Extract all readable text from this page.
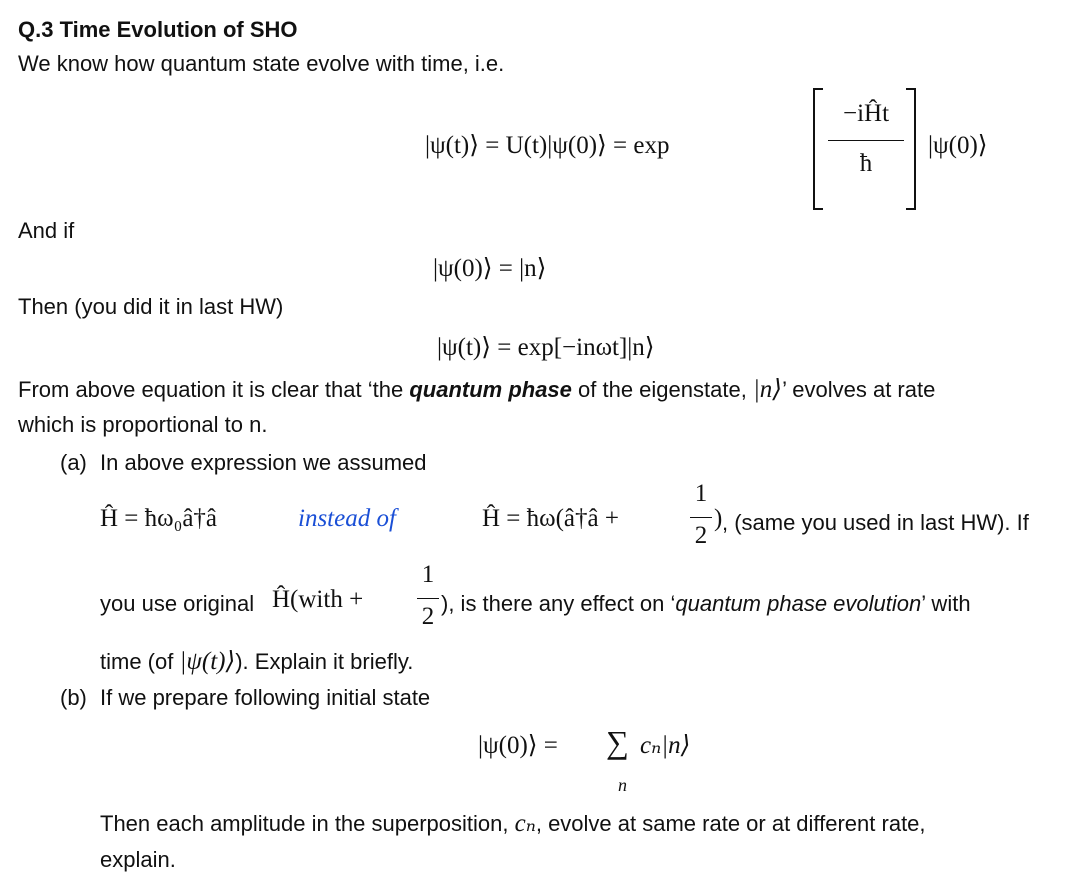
Q.3 Time Evolution of SHO
We know how quantum state evolve with time, i.e.
|ψ(t)⟩ = U(t)|ψ(0)⟩ = exp
−iĤt
ħ
|ψ(0)⟩
And if
|ψ(0)⟩ = |n⟩
Then (you did it in last HW)
|ψ(t)⟩ = exp[−inωt]|n⟩
From above equation it is clear that ‘the quantum phase of the eigenstate, |n⟩’ evolves at rate
which is proportional to n.
(a) In above expression we assumed
Ĥ = ħω₀â†â	instead of	Ĥ = ħω(â†â +
1
2
) , (same you used in last HW). If
you use original Ĥ(with +
1
2 ), is there any effect on ‘quantum phase evolution’ with
time (of |ψ(t)⟩). Explain it briefly.
(b) If we prepare following initial state
|ψ(0)⟩ = ∑
n
cₙ|n⟩
Then each amplitude in the superposition, cₙ, evolve at same rate or at different rate,
explain.
